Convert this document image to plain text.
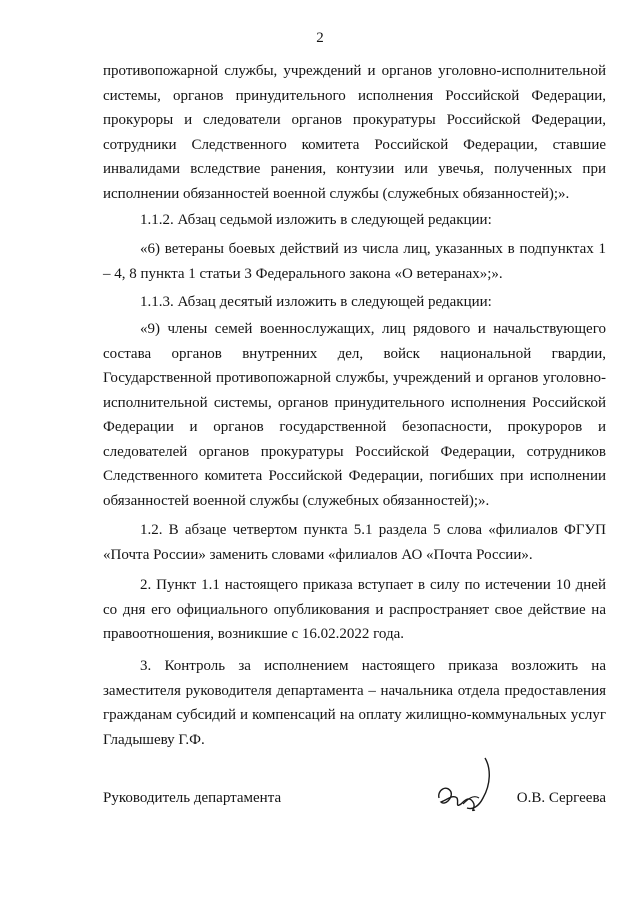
2

противопожарной службы, учреждений и органов уголовно-исполнительной системы, органов принудительного исполнения Российской Федерации, прокуроры и следователи органов прокуратуры Российской Федерации, сотрудники Следственного комитета Российской Федерации, ставшие инвалидами вследствие ранения, контузии или увечья, полученных при исполнении обязанностей военной службы (служебных обязанностей);».

1.1.2. Абзац седьмой изложить в следующей редакции:

«6) ветераны боевых действий из числа лиц, указанных в подпунктах 1 – 4, 8 пункта 1 статьи 3 Федерального закона «О ветеранах»;».

1.1.3. Абзац десятый изложить в следующей редакции:

«9) члены семей военнослужащих, лиц рядового и начальствующего состава органов внутренних дел, войск национальной гвардии, Государственной противопожарной службы, учреждений и органов уголовно-исполнительной системы, органов принудительного исполнения Российской Федерации и органов государственной безопасности, прокуроров и следователей органов прокуратуры Российской Федерации, сотрудников Следственного комитета Российской Федерации, погибших при исполнении обязанностей военной службы (служебных обязанностей);».

1.2. В абзаце четвертом пункта 5.1 раздела 5 слова «филиалов ФГУП «Почта России» заменить словами «филиалов АО «Почта России».

2. Пункт 1.1 настоящего приказа вступает в силу по истечении 10 дней со дня его официального опубликования и распространяет свое действие на правоотношения, возникшие с 16.02.2022 года.

3. Контроль за исполнением настоящего приказа возложить на заместителя руководителя департамента – начальника отдела предоставления гражданам субсидий и компенсаций на оплату жилищно-коммунальных услуг Гладышеву Г.Ф.

Руководитель департамента	О.В. Сергеева
